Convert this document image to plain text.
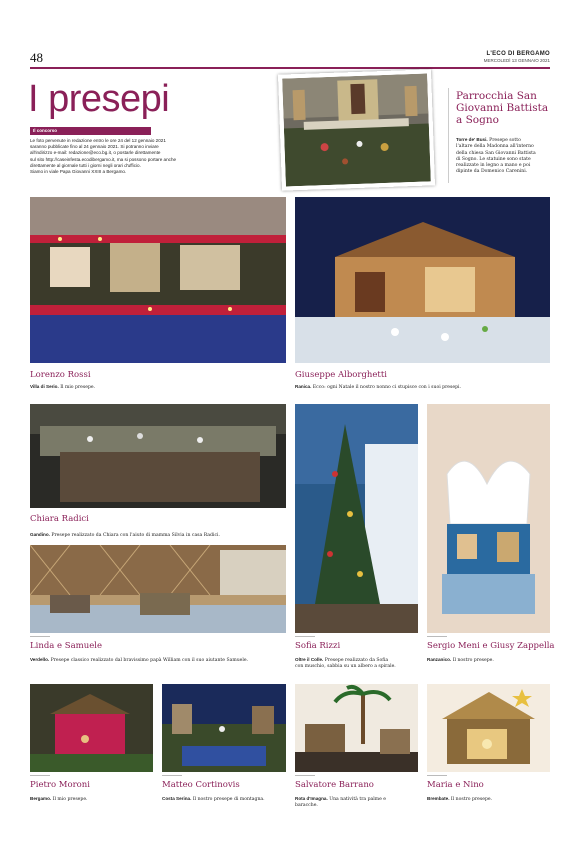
48	L'ECO DI BERGAMO
MERCOLEDÌ 13 GENNAIO 2021
I presepi
Il concorso
Le foto pervenute in redazione entro le ore 24 del 12 gennaio 2021
saranno pubblicate fino al 24 gennaio 2021. Si potranno inviare
all'indirizzo e-mail: redazione@eco.bg.it, o postarle direttamente
sul sito http://caseinfesta.ecodibergamo.it, ma si possono portare anche
direttamente al giornale tutti i giorni negli orari d'ufficio.
Siamo in viale Papa Giovanni XXIII a Bergamo.
Parrocchia San
Giovanni Battista
a Sogno
Torre de' Busi. Presepe sotto
l'altare della Madonna all'interno
della chiesa San Giovanni Battista
di Sogno. Le statuine sono state
realizzate in legno a mano e poi
dipinte da Domenico Carenini.
Lorenzo Rossi
Villa di Serio. Il mio presepe.
Giuseppe Alborghetti
Ranica. Ecco: ogni Natale il nostro nonno ci stupisce con i suoi presepi.
Chiara Radici
Gandino. Presepe realizzato da Chiara con l'aiuto di mamma Silvia in casa Radici.
Linda e Samuele
Verdello. Presepe classico realizzato dal bravissimo papà William con il suo aiutante Samuele.
Sofia Rizzi
Oltre il Colle. Presepe realizzato da Sofia
con muschio, sabbia su un albero a spirale.
Sergio Meni e Giusy Zappella
Ranzanico. Il nostro presepe.
Pietro Moroni
Bergamo. Il mio presepe.
Matteo Cortinovis
Costa Serina. Il nostro presepe di montagna.
Salvatore Barrano
Rota d'Imagna. Una natività tra palme e
baracche.
Maria e Nino
Brembate. Il nostro presepe.
